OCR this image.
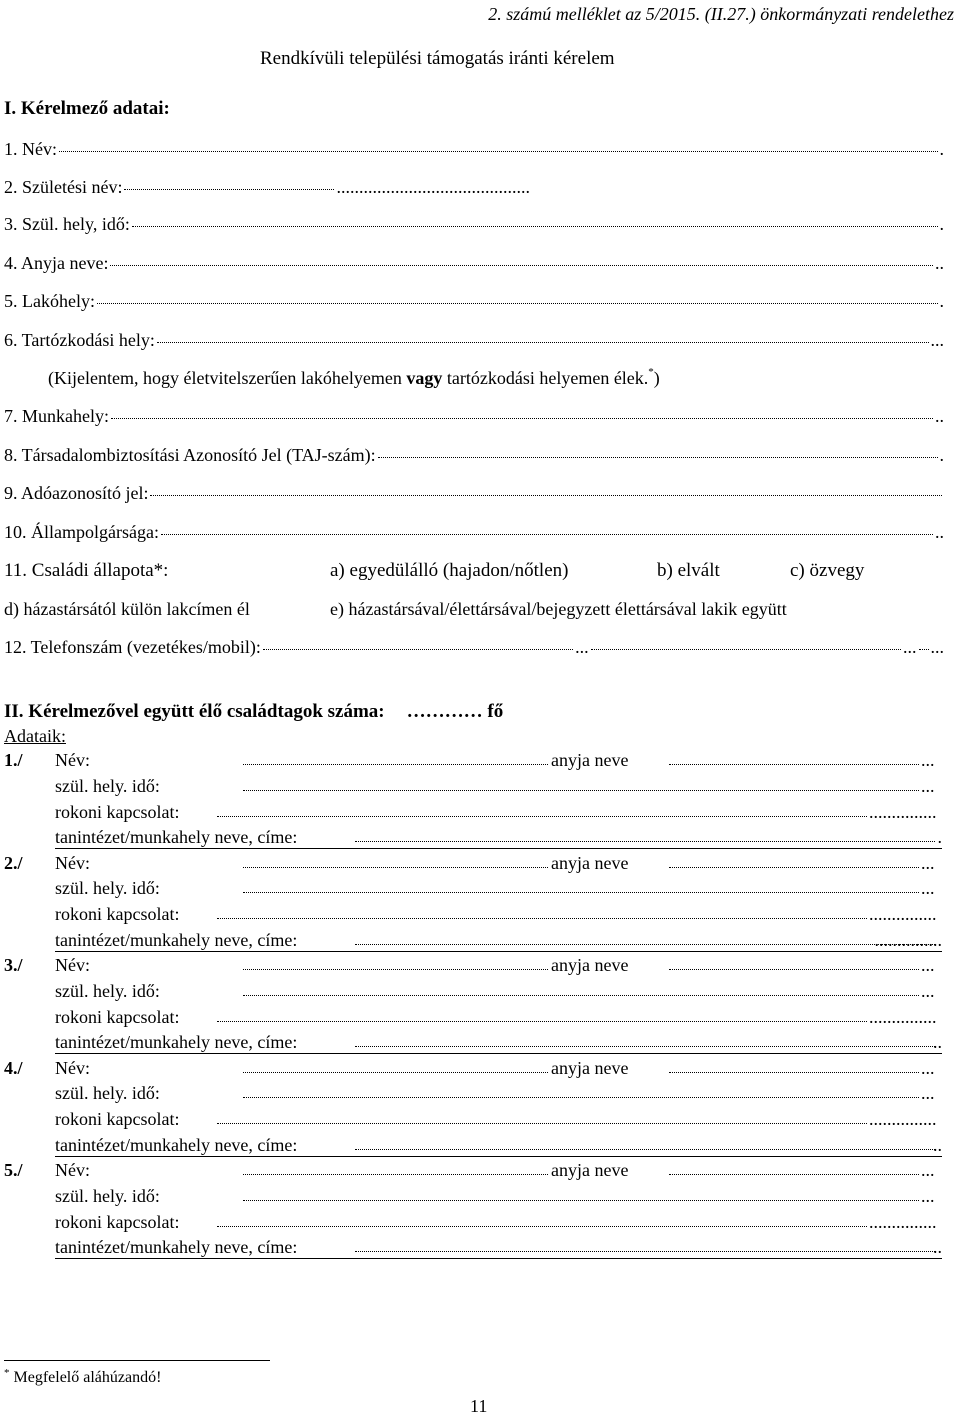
2. számú melléklet az 5/2015. (II.27.) önkormányzati rendelethez
Rendkívüli települési támogatás iránti kérelem
I. Kérelmező adatai:
1. Név:	.
2. Születési név:	...........................................
3. Szül. hely, idő:	.
4. Anyja neve:	..
5. Lakóhely:	.
6. Tartózkodási hely:	...
(Kijelentem, hogy életvitelszerűen lakóhelyemen vagy tartózkodási helyemen élek.*)
7. Munkahely:	..
8. Társadalombiztosítási Azonosító Jel (TAJ-szám):	.
9. Adóazonosító jel:
10. Állampolgársága:	..
11. Családi állapota*:	a) egyedülálló (hajadon/nőtlen)	b) elvált	c) özvegy
d) házastársától külön lakcímen él	e) házastársával/élettársával/bejegyzett élettársával lakik együtt
12. Telefonszám (vezetékes/mobil):	...	... ...
II. Kérelmezővel együtt élő családtagok száma: ………… fő
Adataik:
1./ Név:	anyja neve	...
szül. hely. idő:	...
rokoni kapcsolat:	...............
tanintézet/munkahely neve, címe:	.
2./ Név:	anyja neve	...
szül. hely. idő:	...
rokoni kapcsolat:	...............
tanintézet/munkahely neve, címe:	...............
3./ Név:	anyja neve	...
szül. hely. idő:	...
rokoni kapcsolat:	...............
tanintézet/munkahely neve, címe:	..
4./ Név:	anyja neve	...
szül. hely. idő:	...
rokoni kapcsolat:	...............
tanintézet/munkahely neve, címe:	..
5./ Név:	anyja neve	...
szül. hely. idő:	...
rokoni kapcsolat:	...............
tanintézet/munkahely neve, címe:	..
* Megfelelő aláhúzandó!
11
